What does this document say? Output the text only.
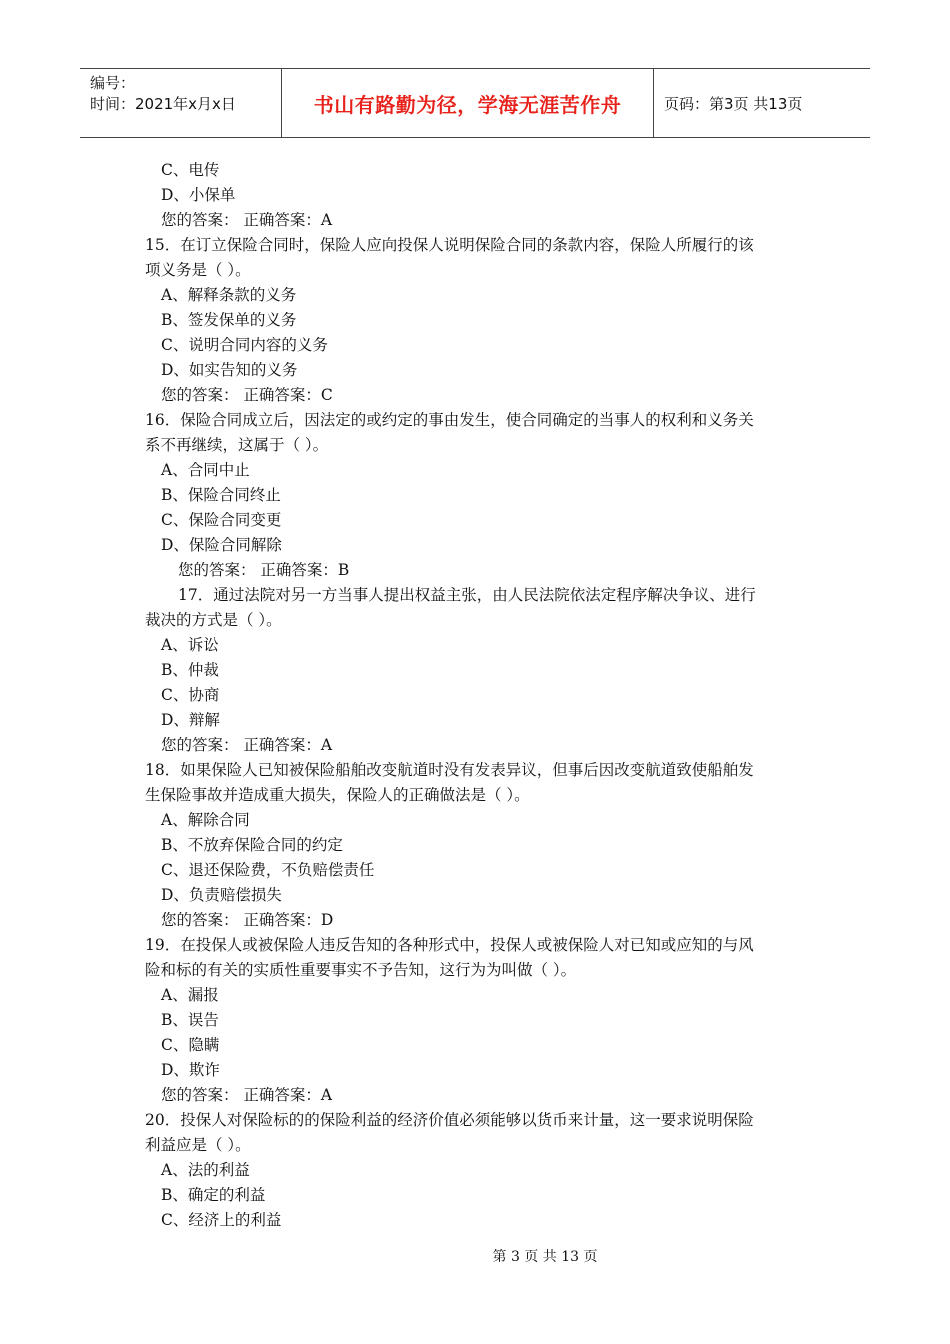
编号：
时间：2021年x月x日	书山有路勤为径，学海无涯苦作舟	页码：第3页 共13页
C、电传
D、小保单
您的答案： 正确答案：A
15．在订立保险合同时，保险人应向投保人说明保险合同的条款内容，保险人所履行的该
项义务是（ ）。
A、解释条款的义务
B、签发保单的义务
C、说明合同内容的义务
D、如实告知的义务
您的答案： 正确答案：C
16．保险合同成立后，因法定的或约定的事由发生，使合同确定的当事人的权利和义务关
系不再继续，这属于（ ）。
A、合同中止
B、保险合同终止
C、保险合同变更
D、保险合同解除
您的答案： 正确答案：B
17．通过法院对另一方当事人提出权益主张，由人民法院依法定程序解决争议、进行
裁决的方式是（ ）。
A、诉讼
B、仲裁
C、协商
D、辩解
您的答案： 正确答案：A
18．如果保险人已知被保险船舶改变航道时没有发表异议，但事后因改变航道致使船舶发
生保险事故并造成重大损失，保险人的正确做法是（ ）。
A、解除合同
B、不放弃保险合同的约定
C、退还保险费，不负赔偿责任
D、负责赔偿损失
您的答案： 正确答案：D
19．在投保人或被保险人违反告知的各种形式中，投保人或被保险人对已知或应知的与风
险和标的有关的实质性重要事实不予告知，这行为为叫做（ ）。
A、漏报
B、误告
C、隐瞒
D、欺诈
您的答案： 正确答案：A
20．投保人对保险标的的保险利益的经济价值必须能够以货币来计量，这一要求说明保险
利益应是（ ）。
A、法的利益
B、确定的利益
C、经济上的利益
第 3 页 共 13 页
